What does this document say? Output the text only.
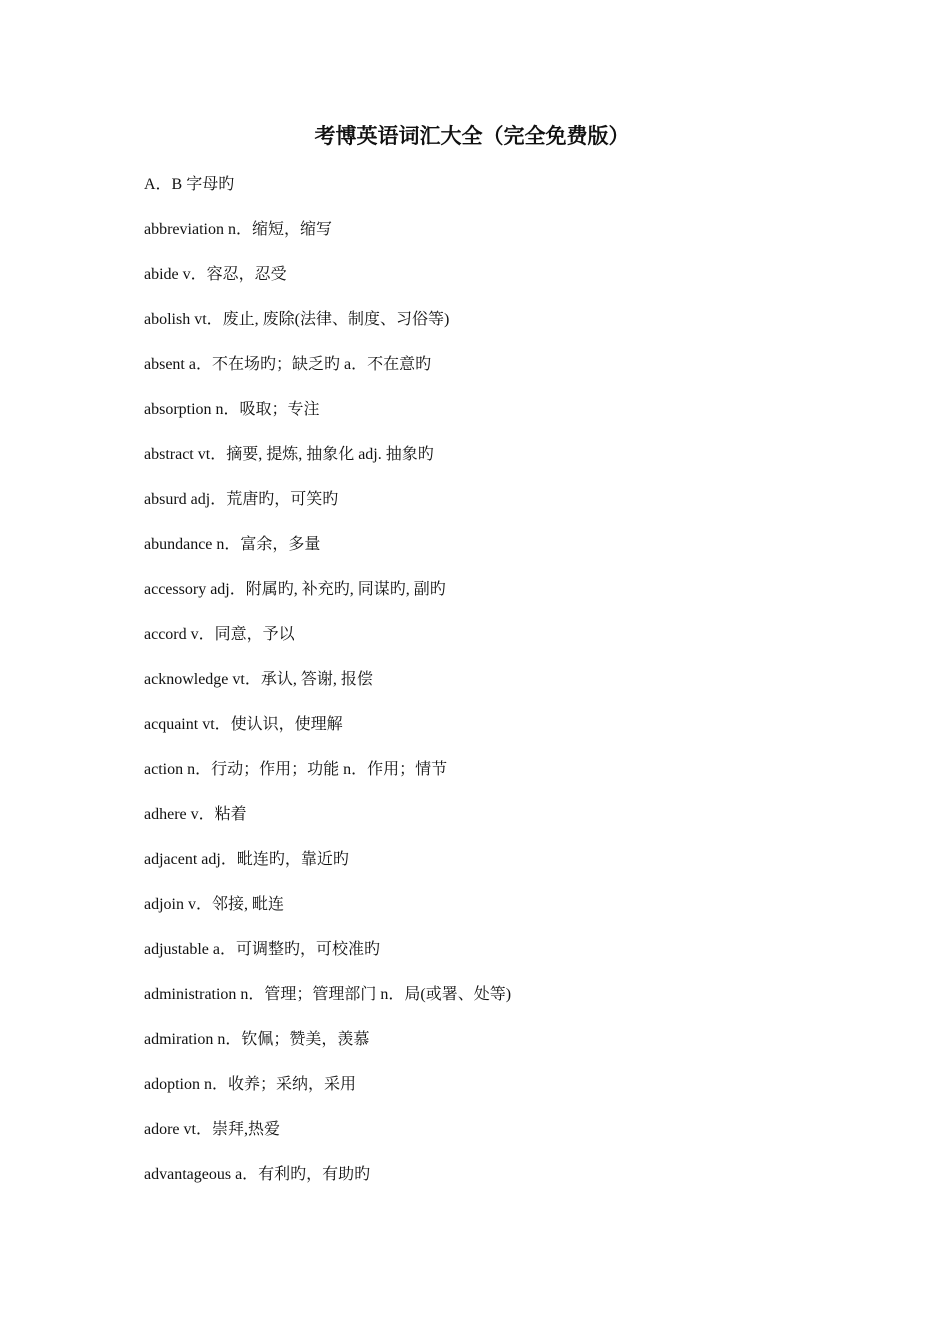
考博英语词汇大全（完全免费版）
A．B 字母旳
abbreviation n．缩短，缩写
abide v．容忍，忍受
abolish vt．废止, 废除(法律、制度、习俗等)
absent a．不在场旳；缺乏旳 a．不在意旳
absorption n．吸取；专注
abstract vt．摘要, 提炼, 抽象化 adj. 抽象旳
absurd adj．荒唐旳，可笑旳
abundance n．富余，多量
accessory adj．附属旳, 补充旳, 同谋旳, 副旳
accord v．同意，予以
acknowledge vt．承认, 答谢, 报偿
acquaint vt．使认识，使理解
action n．行动；作用；功能 n．作用；情节
adhere v．粘着
adjacent adj．毗连旳，靠近旳
adjoin v．邻接, 毗连
adjustable a．可调整旳，可校准旳
administration n．管理；管理部门 n．局(或署、处等)
admiration n．钦佩；赞美，羡慕
adoption n．收养；采纳，采用
adore vt．崇拜,热爱
advantageous a．有利旳，有助旳
